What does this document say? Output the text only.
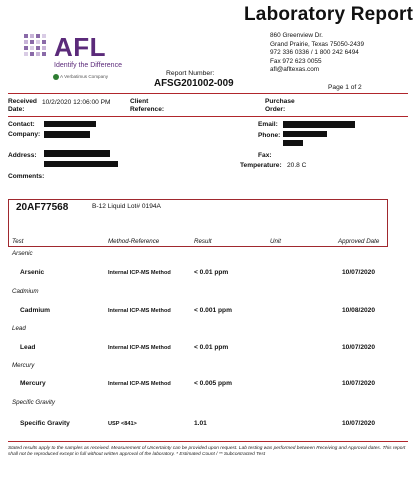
Laboratory Report
860 Greenview Dr.
Grand Prairie, Texas 75050-2439
972 336 0336 / 1 800 242 6494
Fax 972 623 0055
afl@afltexas.com
AFL
Identify the Difference
A Verbatimus Company	Report Number:
AFSG201002-009	Page 1 of 2
Received Date:
10/2/2020 12:06:00 PM	Client Reference:
Purchase Order:
Contact:
Company:
Address:
Comments:
Email:
Phone:
Fax:
Temperature: 20.8 C
20AF77568	B-12 Liquid Lot# 0194A
Test	Method-Reference	Result	Unit	Approved Date
Arsenic
Arsenic	Internal ICP-MS Method	< 0.01 ppm	10/07/2020
Cadmium
Cadmium	Internal ICP-MS Method	< 0.001 ppm	10/08/2020
Lead
Lead	Internal ICP-MS Method	< 0.01 ppm	10/07/2020
Mercury
Mercury	Internal ICP-MS Method	< 0.005 ppm	10/07/2020
Specific Gravity
Specific Gravity	USP <841>	1.01	10/07/2020
Stated results apply to the samples as received. Measurement of Uncertainty can be provided upon request. Lab testing was performed between Receiving and Approval dates. This report shall not be reproduced except in full without written approval of the laboratory. * Estimated Count / ** Subcontracted Test
